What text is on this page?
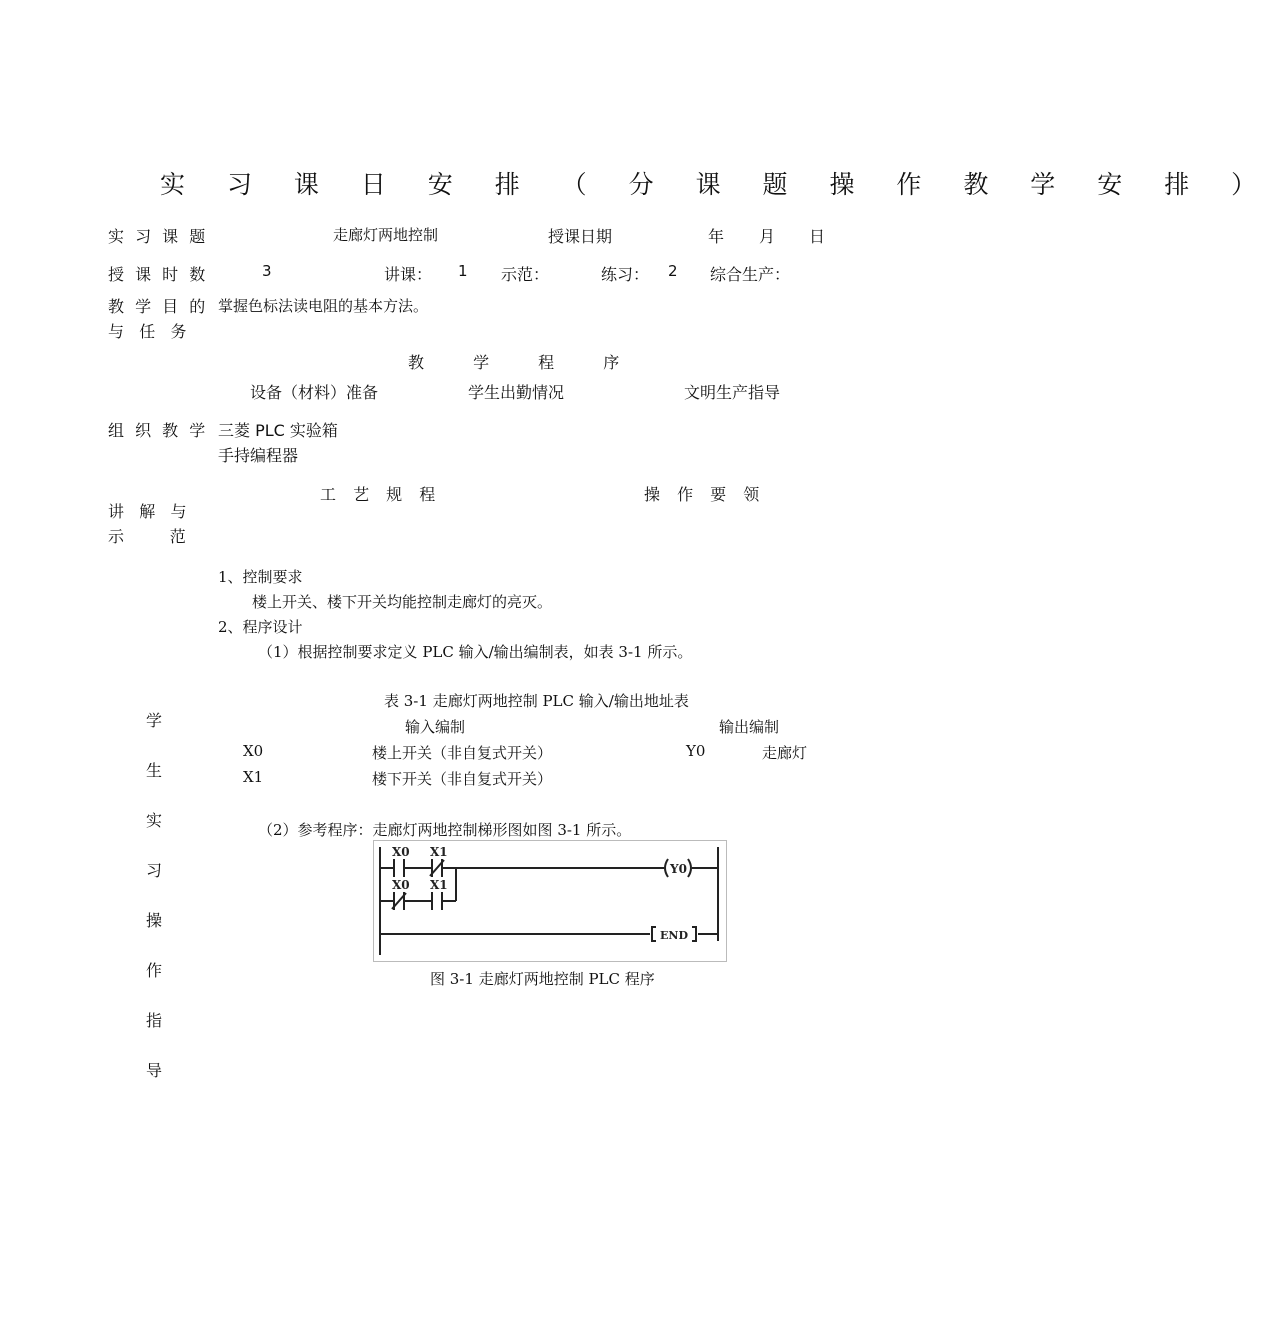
实 习 课 日 安 排 （ 分 课 题 操 作 教 学 安 排 ）
实 习 课 题	走廊灯两地控制	授课日期	年 月 日
授 课 时 数	3	讲课： 1 示范：	练习： 2 综合生产：
教 学 目 的
与   任   务
掌握色标法读电阻的基本方法。
教 学 程 序
设备（材料）准备	学生出勤情况	文明生产指导
组 织 教 学 三菱 PLC 实验箱
手持编程器
工 艺 规 程	操 作 要 领
讲   解   与
示         范
学
生
实
习
操
作
指
导
1、控制要求
楼上开关、楼下开关均能控制走廊灯的亮灭。
2、程序设计
（1）根据控制要求定义 PLC 输入/输出编制表，如表 3-1 所示。
表 3-1 走廊灯两地控制 PLC 输入/输出地址表
输入编制	输出编制
X0	楼上开关（非自复式开关）	Y0	走廊灯
X1	楼下开关（非自复式开关）
（2）参考程序：走廊灯两地控制梯形图如图 3-1 所示。
X0 X1
X0 X1
Y0
END
图 3-1 走廊灯两地控制 PLC 程序
